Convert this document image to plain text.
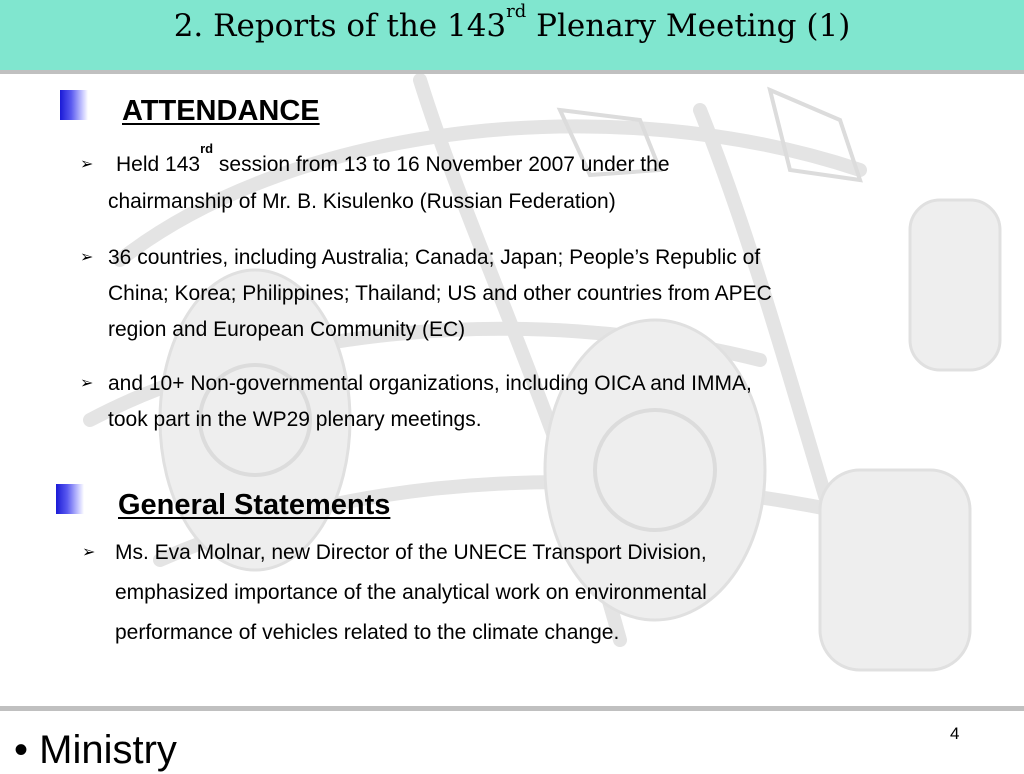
2. Reports of the 143rd Plenary Meeting (1)
ATTENDANCE
➢	Held 143rd session from 13 to 16 November 2007 under the
chairmanship of Mr. B. Kisulenko (Russian Federation)
➢ 36 countries, including Australia; Canada; Japan; People’s Republic of
China; Korea; Philippines; Thailand; US and other countries from APEC
region and European Community (EC)
➢ and 10+ Non-governmental organizations, including OICA and IMMA,
took part in the WP29 plenary meetings.
General Statements
➢ Ms. Eva Molnar, new Director of the UNECE Transport Division,
emphasized importance of the analytical work on environmental
performance of vehicles related to the climate change.
4
• Ministry
